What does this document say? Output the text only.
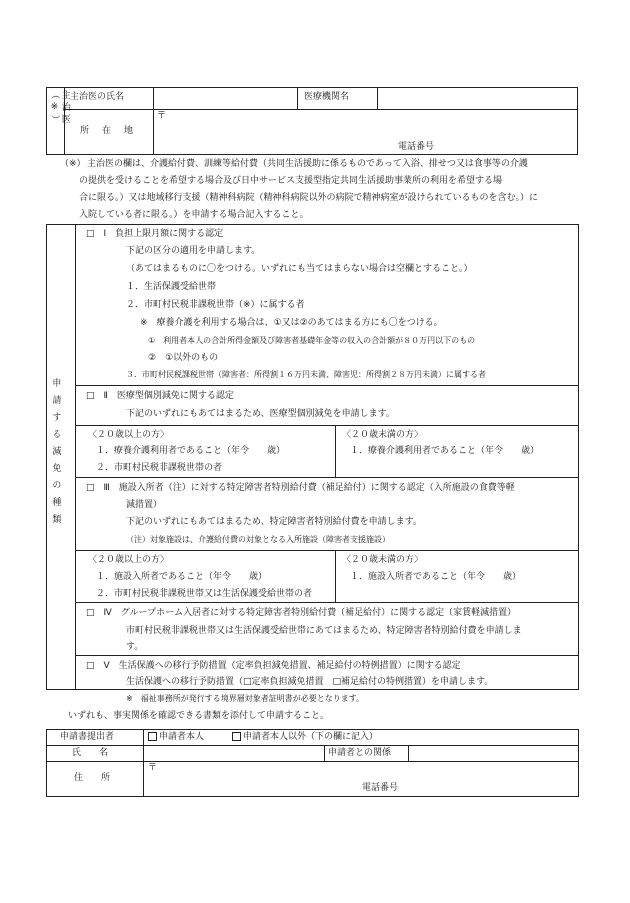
主治医（※）	主治医の氏名	医療機関名
所　在　地
〒
電話番号
（※） 主治医の欄は、介護給付費、訓練等給付費（共同生活援助に係るものであって入浴、排せつ又は食事等の介護
の提供を受けることを希望する場合及び日中サービス支援型指定共同生活援助事業所の利用を希望する場
合に限る。）又は地域移行支援（精神科病院（精神科病院以外の病院で精神病室が設けられているものを含む。）に
入院している者に限る。）を申請する場合記入すること。
申請する減免の種類
□　Ⅰ　負担上限月額に関する認定
下記の区分の適用を申請します。
（あてはまるものに〇をつける。いずれにも当てはまらない場合は空欄とすること。）
１．生活保護受給世帯
２．市町村民税非課税世帯（※）に属する者
※　療養介護を利用する場合は、①又は②のあてはまる方にも〇をつける。
①　利用者本人の合計所得金額及び障害者基礎年金等の収入の合計額が８０万円以下のもの
②　①以外のもの
３．市町村民税課税世帯（障害者：所得割１６万円未満、障害児：所得割２８万円未満）に属する者
□　Ⅱ　医療型個別減免に関する認定
下記のいずれにもあてはまるため、医療型個別減免を申請します。
〈２０歳以上の方〉
１．療養介護利用者であること（年令　　歳）
２．市町村民税非課税世帯の者
〈２０歳未満の方〉
１．療養介護利用者であること（年令　　歳）
□　Ⅲ　施設入所者（注）に対する特定障害者特別給付費（補足給付）に関する認定（入所施設の食費等軽
減措置）
下記のいずれにもあてはまるため、特定障害者特別給付費を申請します。
（注）対象施設は、介護給付費の対象となる入所施設（障害者支援施設）
〈２０歳以上の方〉
１．施設入所者であること（年令　　歳）
２．市町村民税非課税世帯又は生活保護受給世帯の者
〈２０歳未満の方〉
１．施設入所者であること（年令　　歳）
□　Ⅳ　グループホーム入居者に対する特定障害者特別給付費（補足給付）に関する認定（家賃軽減措置）
市町村民税非課税世帯又は生活保護受給世帯にあてはまるため、特定障害者特別給付費を申請しま
す。
□　Ⅴ　生活保護への移行予防措置（定率負担減免措置、補足給付の特例措置）に関する認定
生活保護への移行予防措置（□定率負担減免措置　□補足給付の特例措置）を申請します。
※　福祉事務所が発行する境界層対象者証明書が必要となります。
いずれも、事実関係を確認できる書類を添付して申請すること。
申請書提出者	申請者本人	申請者本人以外（下の欄に記入）
氏　　名	申請者との関係
住　　所
〒
電話番号
